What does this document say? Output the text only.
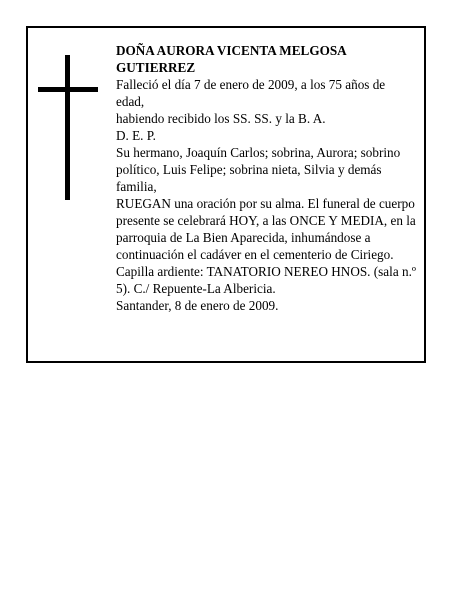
DOÑA AURORA VICENTA MELGOSA GUTIERREZ

Falleció el día 7 de enero de 2009, a los 75 años de edad,

habiendo recibido los SS. SS. y la B. A.

D. E. P.

Su hermano, Joaquín Carlos; sobrina, Aurora; sobrino político, Luis Felipe; sobrina nieta, Silvia y demás familia,

RUEGAN una oración por su alma. El funeral de cuerpo presente se celebrará HOY, a las ONCE Y MEDIA, en la parroquia de La Bien Aparecida, inhumándose a continuación el cadáver en el cementerio de Ciriego. Capilla ardiente: TANATORIO NEREO HNOS. (sala n.º 5). C./ Repuente-La Albericia.

Santander, 8 de enero de 2009.
